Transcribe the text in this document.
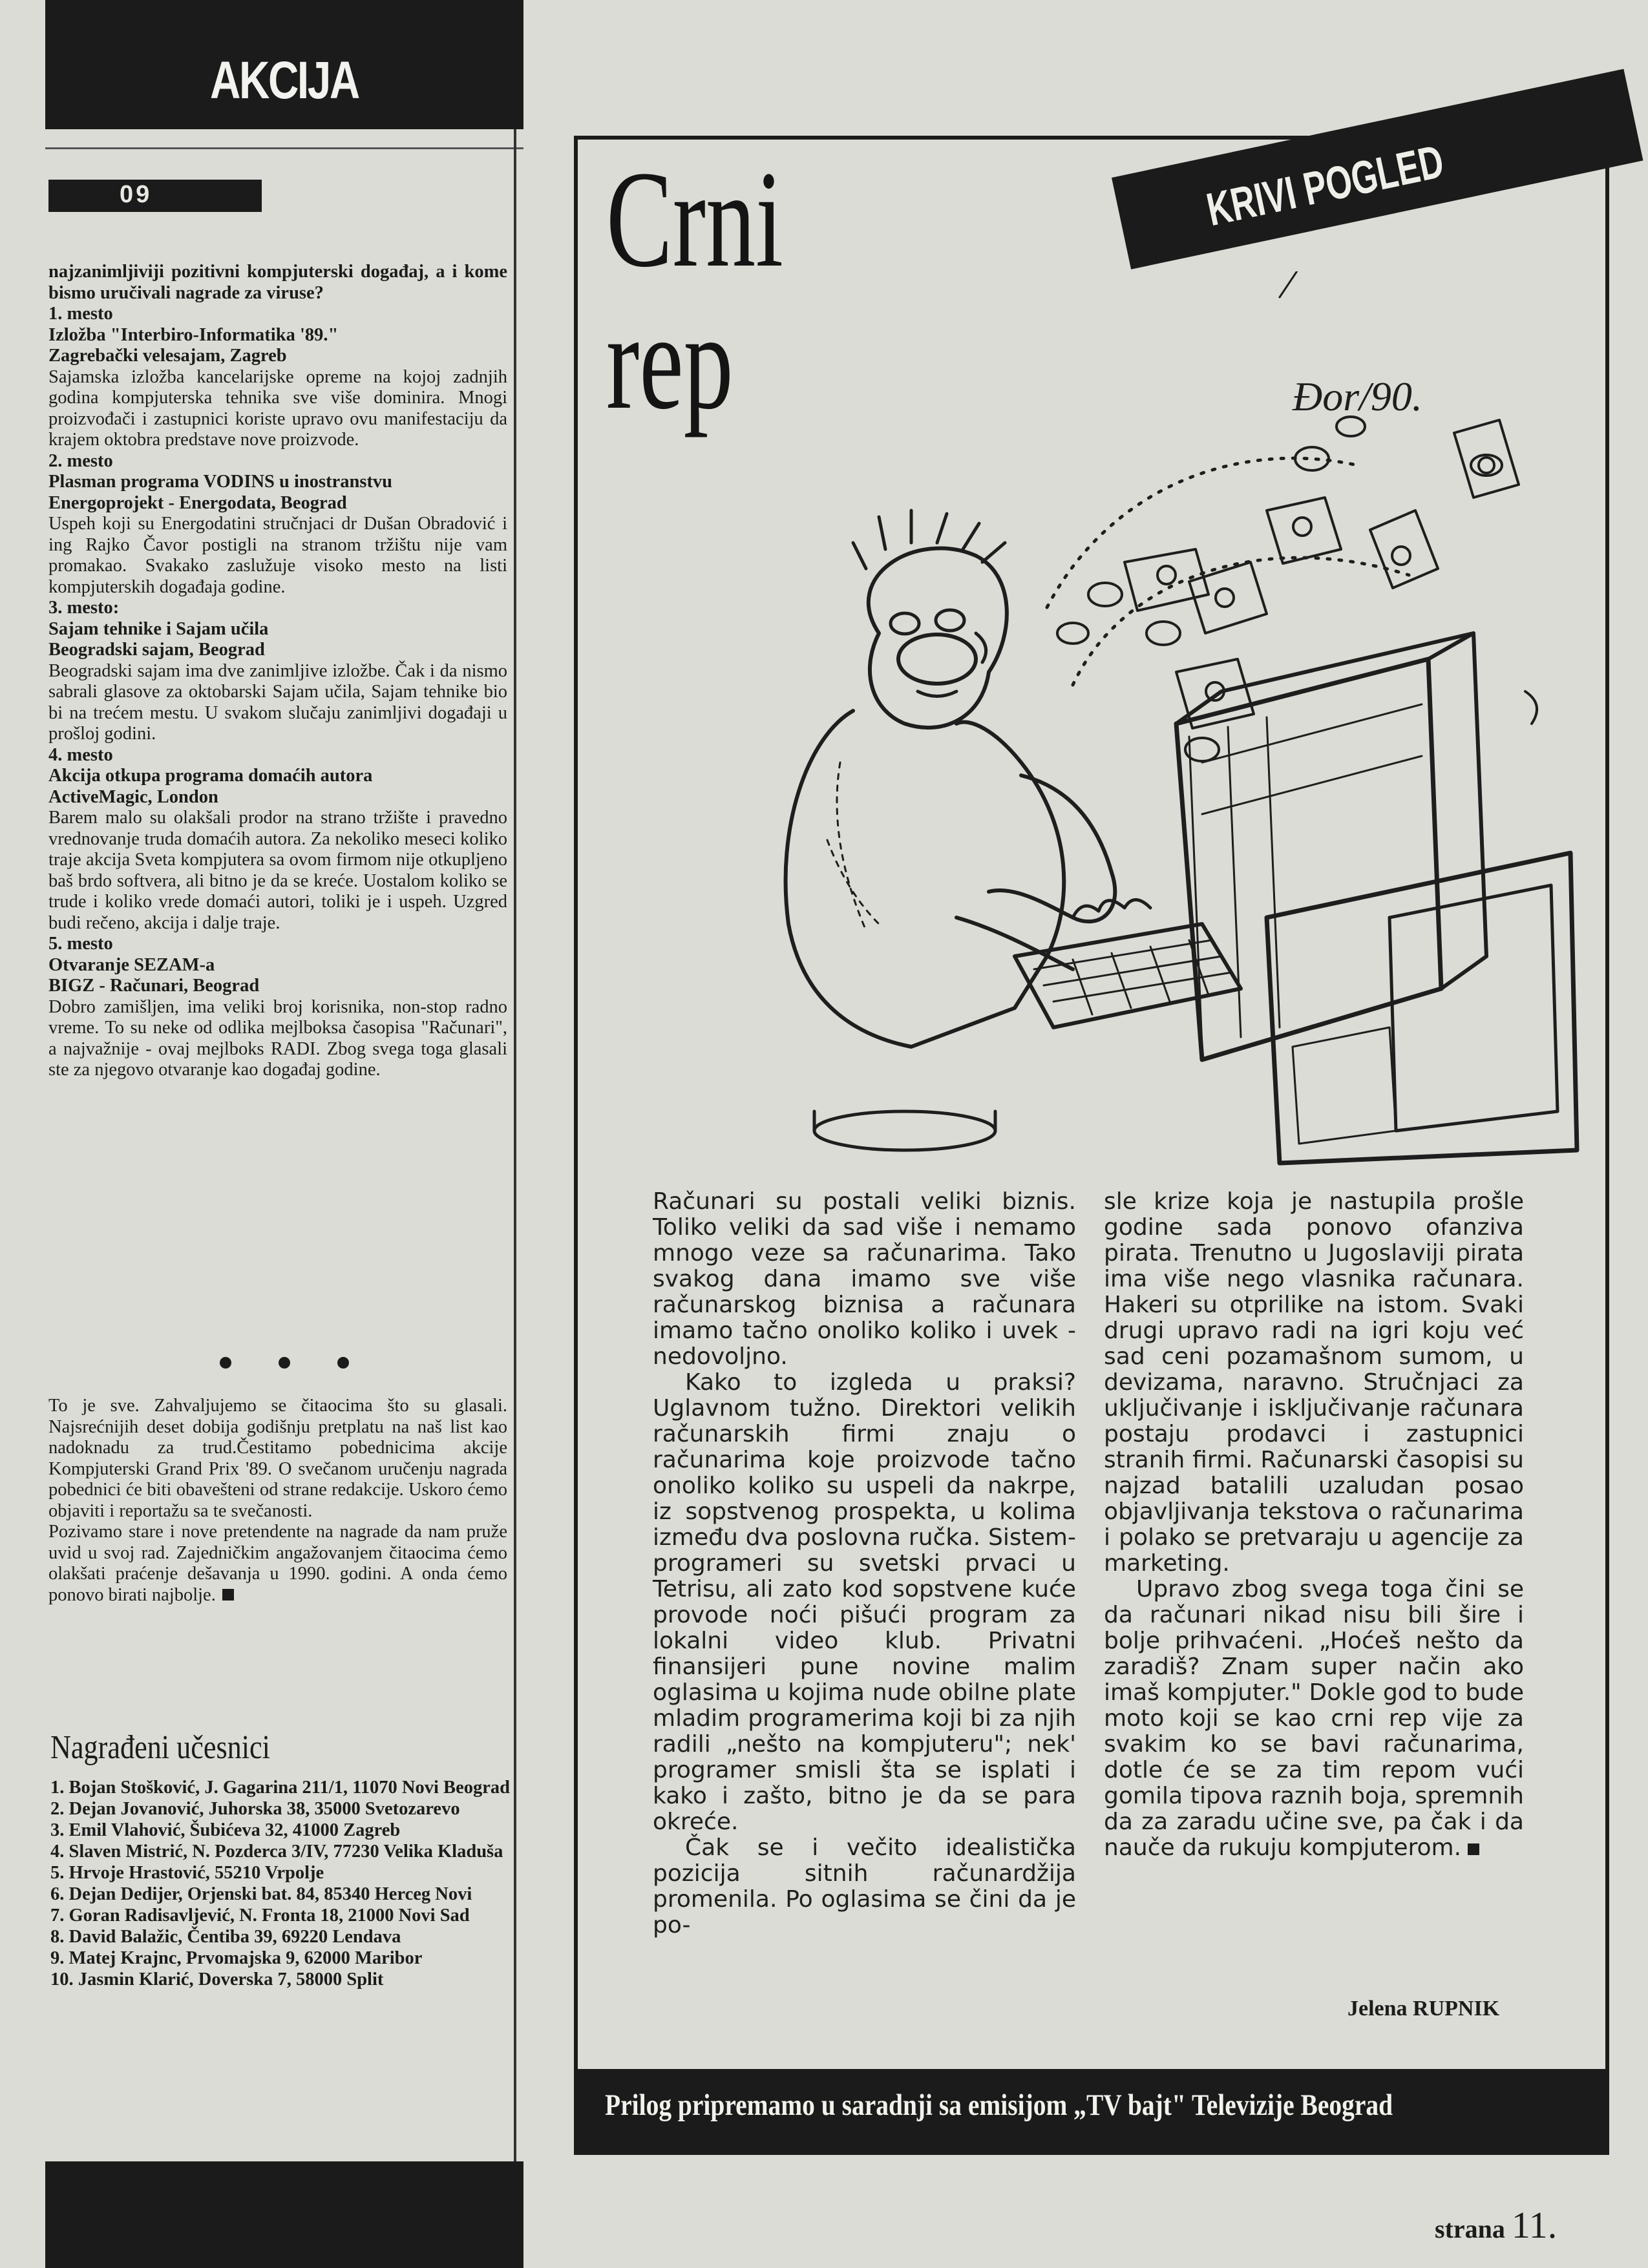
AKCIJA
09

najzanimljiviji pozitivni kompjuterski događaj, a i kome bismo uručivali nagrade za viruse?

1. mesto

Izložba "Interbiro-Informatika '89."

Zagrebački velesajam, Zagreb

Sajamska izložba kancelarijske opreme na kojoj zadnjih godina kompjuterska tehnika sve više dominira. Mnogi proizvođači i zastupnici koriste upravo ovu manifestaciju da krajem oktobra predstave nove proizvode.

2. mesto

Plasman programa VODINS u inostranstvu

Energoprojekt - Energodata, Beograd

Uspeh koji su Energodatini stručnjaci dr Dušan Obradović i ing Rajko Čavor postigli na stranom tržištu nije vam promakao. Svakako zaslužuje visoko mesto na listi kompjuterskih događaja godine.

3. mesto:

Sajam tehnike i Sajam učila

Beogradski sajam, Beograd

Beogradski sajam ima dve zanimljive izložbe. Čak i da nismo sabrali glasove za oktobarski Sajam učila, Sajam tehnike bio bi na trećem mestu. U svakom slučaju zanimljivi događaji u prošloj godini.

4. mesto

Akcija otkupa programa domaćih autora

ActiveMagic, London

Barem malo su olakšali prodor na strano tržište i pravedno vrednovanje truda domaćih autora. Za nekoliko meseci koliko traje akcija Sveta kompjutera sa ovom firmom nije otkupljeno baš brdo softvera, ali bitno je da se kreće. Uostalom koliko se trude i koliko vrede domaći autori, toliki je i uspeh. Uzgred budi rečeno, akcija i dalje traje.

5. mesto

Otvaranje SEZAM-a

BIGZ - Računari, Beograd

Dobro zamišljen, ima veliki broj korisnika, non-stop radno vreme. To su neke od odlika mejlboksa časopisa "Računari", a najvažnije - ovaj mejlboks RADI. Zbog svega toga glasali ste za njegovo otvaranje kao događaj godine.

To je sve. Zahvaljujemo se čitaocima što su glasali. Najsrećnijih deset dobija godišnju pretplatu na naš list kao nadoknadu za trud.Čestitamo pobednicima akcije Kompjuterski Grand Prix '89. O svečanom uručenju nagrada pobednici će biti obavešteni od strane redakcije. Uskoro ćemo objaviti i reportažu sa te svečanosti.

Pozivamo stare i nove pretendente na nagrade da nam pruže uvid u svoj rad. Zajedničkim angažovanjem čitaocima ćemo olakšati praćenje dešavanja u 1990. godini. A onda ćemo ponovo birati najbolje.

Nagrađeni učesnici
1. Bojan Stošković, J. Gagarina 211/1, 11070 Novi Beograd
2. Dejan Jovanović, Juhorska 38, 35000 Svetozarevo
3. Emil Vlahović, Šubićeva 32, 41000 Zagreb
4. Slaven Mistrić, N. Pozderca 3/IV, 77230 Velika Kladuša
5. Hrvoje Hrastović, 55210 Vrpolje
6. Dejan Dedijer, Orjenski bat. 84, 85340 Herceg Novi
7. Goran Radisavljević, N. Fronta 18, 21000 Novi Sad
8. David Balažic, Čentiba 39, 69220 Lendava
9. Matej Krajnc, Prvomajska 9, 62000 Maribor
10. Jasmin Klarić, Doverska 7, 58000 Split
Crni
rep
KRIVI POGLED
Đor/90.

Računari su postali veliki biznis. Toliko veliki da sad više i nemamo mnogo veze sa računarima. Tako svakog dana imamo sve više računarskog biznisa a računara imamo tačno onoliko koliko i uvek - nedovoljno.

Kako to izgleda u praksi? Uglavnom tužno. Direktori velikih računarskih firmi znaju o računarima koje proizvode tačno onoliko koliko su uspeli da nakrpe, iz sopstvenog prospekta, u kolima između dva poslovna ručka. Sistem-programeri su svetski prvaci u Tetrisu, ali zato kod sopstvene kuće provode noći pišući program za lokalni video klub. Privatni finansijeri pune novine malim oglasima u kojima nude obilne plate mladim programerima koji bi za njih radili „nešto na kompjuteru"; nek' programer smisli šta se isplati i kako i zašto, bitno je da se para okreće.

Čak se i večito idealistička pozicija sitnih računardžija promenila. Po oglasima se čini da je po-

sle krize koja je nastupila prošle godine sada ponovo ofanziva pirata. Trenutno u Jugoslaviji pirata ima više nego vlasnika računara. Hakeri su otprilike na istom. Svaki drugi upravo radi na igri koju već sad ceni pozamašnom sumom, u devizama, naravno. Stručnjaci za uključivanje i isključivanje računara postaju prodavci i zastupnici stranih firmi. Računarski časopisi su najzad batalili uzaludan posao objavljivanja tekstova o računarima i polako se pretvaraju u agencije za marketing.

Upravo zbog svega toga čini se da računari nikad nisu bili šire i bolje prihvaćeni. „Hoćeš nešto da zaradiš? Znam super način ako imaš kompjuter." Dokle god to bude moto koji se kao crni rep vije za svakim ko se bavi računarima, dotle će se za tim repom vući gomila tipova raznih boja, spremnih da za zaradu učine sve, pa čak i da nauče da rukuju kompjuterom.

Jelena RUPNIK
Prilog pripremamo u saradnji sa emisijom „TV bajt" Televizije Beograd
strana 11.
